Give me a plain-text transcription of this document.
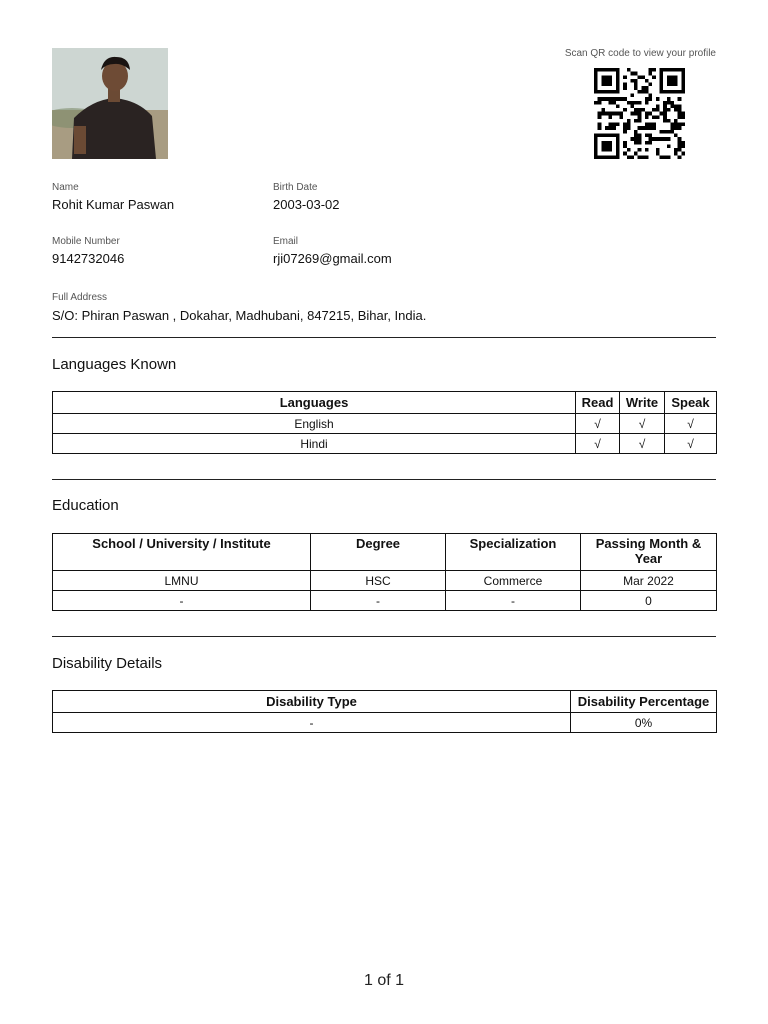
Scan QR code to view your profile
Name
Rohit Kumar Paswan
Birth Date
2003-03-02
Mobile Number
9142732046
Email
rji07269@gmail.com
Full Address
S/O: Phiran Paswan , Dokahar, Madhubani, 847215, Bihar, India.
Languages Known
Languages	Read	Write	Speak
English	√	√	√
Hindi	√	√	√
Education
School / University / Institute	Degree	Specialization	Passing Month & Year
LMNU	HSC	Commerce	Mar 2022
-	-	-	0
Disability Details
Disability Type	Disability Percentage
-	0%
1 of 1
